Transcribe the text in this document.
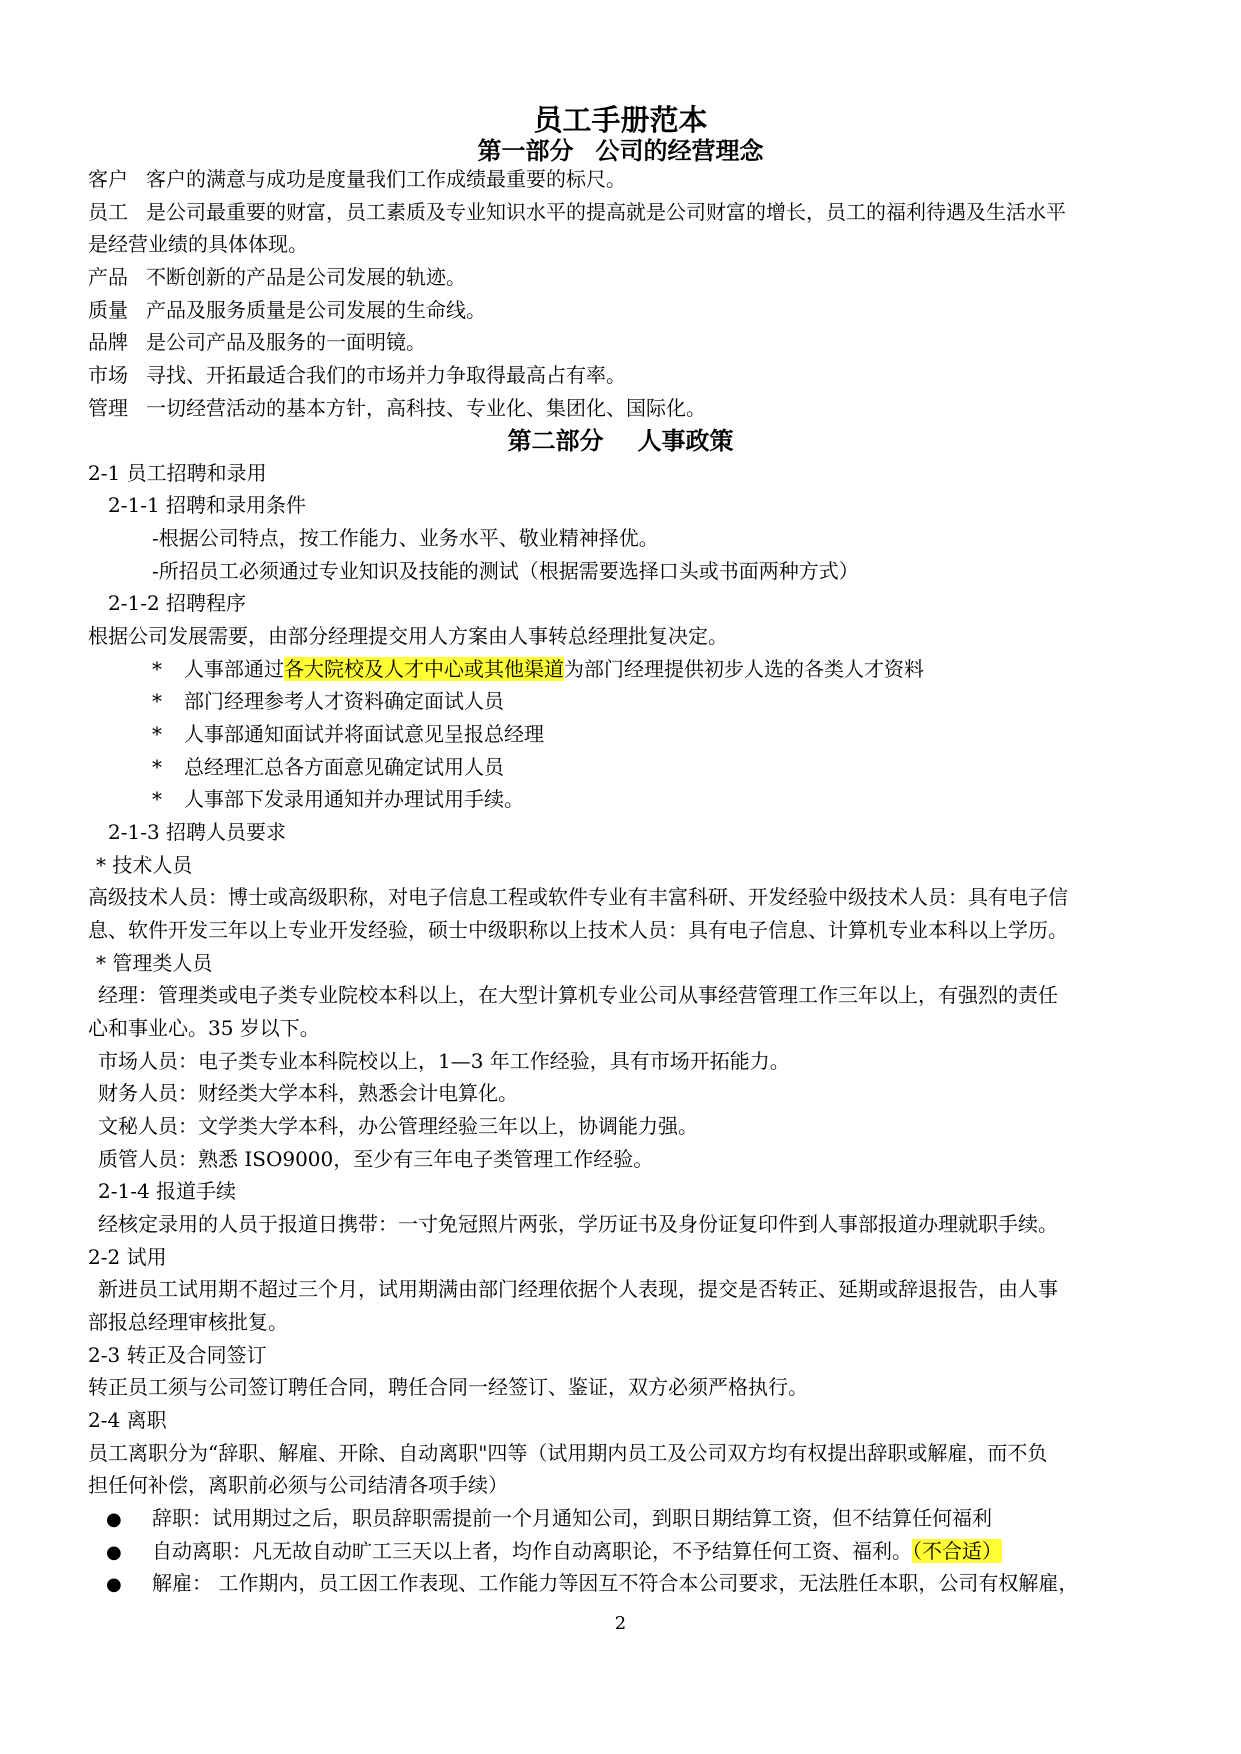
员工手册范本
第一部分 公司的经营理念
客户 客户的满意与成功是度量我们工作成绩最重要的标尺。
员工 是公司最重要的财富，员工素质及专业知识水平的提高就是公司财富的增长，员工的福利待遇及生活水平
是经营业绩的具体体现。
产品 不断创新的产品是公司发展的轨迹。
质量 产品及服务质量是公司发展的生命线。
品牌 是公司产品及服务的一面明镜。
市场 寻找、开拓最适合我们的市场并力争取得最高占有率。
管理 一切经营活动的基本方针，高科技、专业化、集团化、国际化。
第二部分 人事政策
2-1 员工招聘和录用
2-1-1 招聘和录用条件
-根据公司特点，按工作能力、业务水平、敬业精神择优。
-所招员工必须通过专业知识及技能的测试（根据需要选择口头或书面两种方式）
2-1-2 招聘程序
根据公司发展需要，由部分经理提交用人方案由人事转总经理批复决定。
* 人事部通过各大院校及人才中心或其他渠道为部门经理提供初步人选的各类人才资料
* 部门经理参考人才资料确定面试人员
* 人事部通知面试并将面试意见呈报总经理
* 总经理汇总各方面意见确定试用人员
* 人事部下发录用通知并办理试用手续。
2-1-3 招聘人员要求
* 技术人员
高级技术人员：博士或高级职称，对电子信息工程或软件专业有丰富科研、开发经验中级技术人员：具有电子信
息、软件开发三年以上专业开发经验，硕士中级职称以上技术人员：具有电子信息、计算机专业本科以上学历。
* 管理类人员
经理：管理类或电子类专业院校本科以上，在大型计算机专业公司从事经营管理工作三年以上，有强烈的责任
心和事业心。35 岁以下。
市场人员：电子类专业本科院校以上，1—3 年工作经验，具有市场开拓能力。
财务人员：财经类大学本科，熟悉会计电算化。
文秘人员：文学类大学本科，办公管理经验三年以上，协调能力强。
质管人员：熟悉 ISO9000，至少有三年电子类管理工作经验。
2-1-4 报道手续
经核定录用的人员于报道日携带：一寸免冠照片两张，学历证书及身份证复印件到人事部报道办理就职手续。
2-2 试用
新进员工试用期不超过三个月，试用期满由部门经理依据个人表现，提交是否转正、延期或辞退报告，由人事
部报总经理审核批复。
2-3 转正及合同签订
转正员工须与公司签订聘任合同，聘任合同一经签订、鉴证，双方必须严格执行。
2-4 离职
员工离职分为“辞职、解雇、开除、自动离职"四等（试用期内员工及公司双方均有权提出辞职或解雇，而不负
担任何补偿，离职前必须与公司结清各项手续）
● 辞职：试用期过之后，职员辞职需提前一个月通知公司，到职日期结算工资，但不结算任何福利
● 自动离职：凡无故自动旷工三天以上者，均作自动离职论，不予结算任何工资、福利。（不合适）
● 解雇： 工作期内，员工因工作表现、工作能力等因互不符合本公司要求，无法胜任本职，公司有权解雇，
2
